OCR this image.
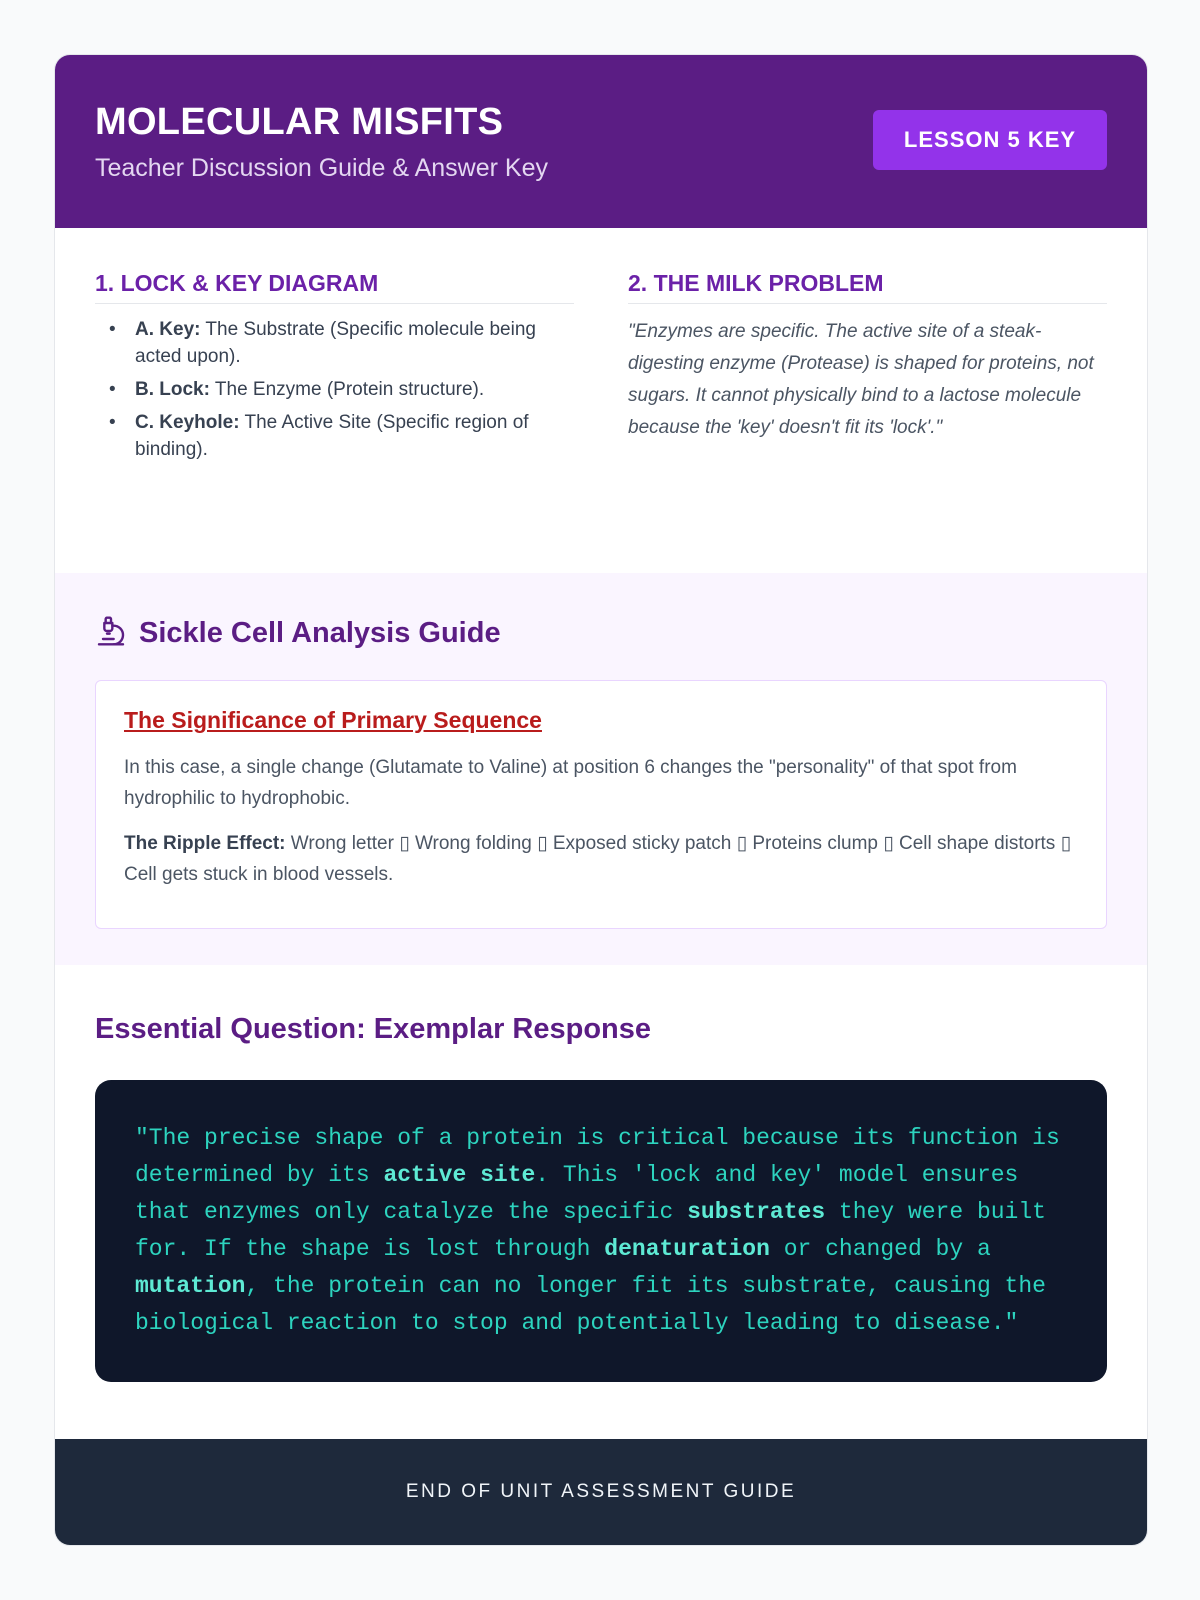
MOLECULAR MISFITS
Teacher Discussion Guide & Answer Key
LESSON 5 KEY
1. LOCK & KEY DIAGRAM
• A. Key: The Substrate (Specific molecule being acted upon).
• B. Lock: The Enzyme (Protein structure).
• C. Keyhole: The Active Site (Specific region of binding).
2. THE MILK PROBLEM

"Enzymes are specific. The active site of a steak-digesting enzyme (Protease) is shaped for proteins, not sugars. It cannot physically bind to a lactose molecule because the 'key' doesn't fit its 'lock'."

Sickle Cell Analysis Guide
The Significance of Primary Sequence

In this case, a single change (Glutamate to Valine) at position 6 changes the "personality" of that spot from hydrophilic to hydrophobic.

The Ripple Effect: Wrong letter ▯ Wrong folding ▯ Exposed sticky patch ▯ Proteins clump ▯ Cell shape distorts ▯ Cell gets stuck in blood vessels.

Essential Question: Exemplar Response
"The precise shape of a protein is critical because its function is determined by its active site. This 'lock and key' model ensures that enzymes only catalyze the specific substrates they were built for. If the shape is lost through denaturation or changed by a mutation, the protein can no longer fit its substrate, causing the biological reaction to stop and potentially leading to disease."
END OF UNIT ASSESSMENT GUIDE
